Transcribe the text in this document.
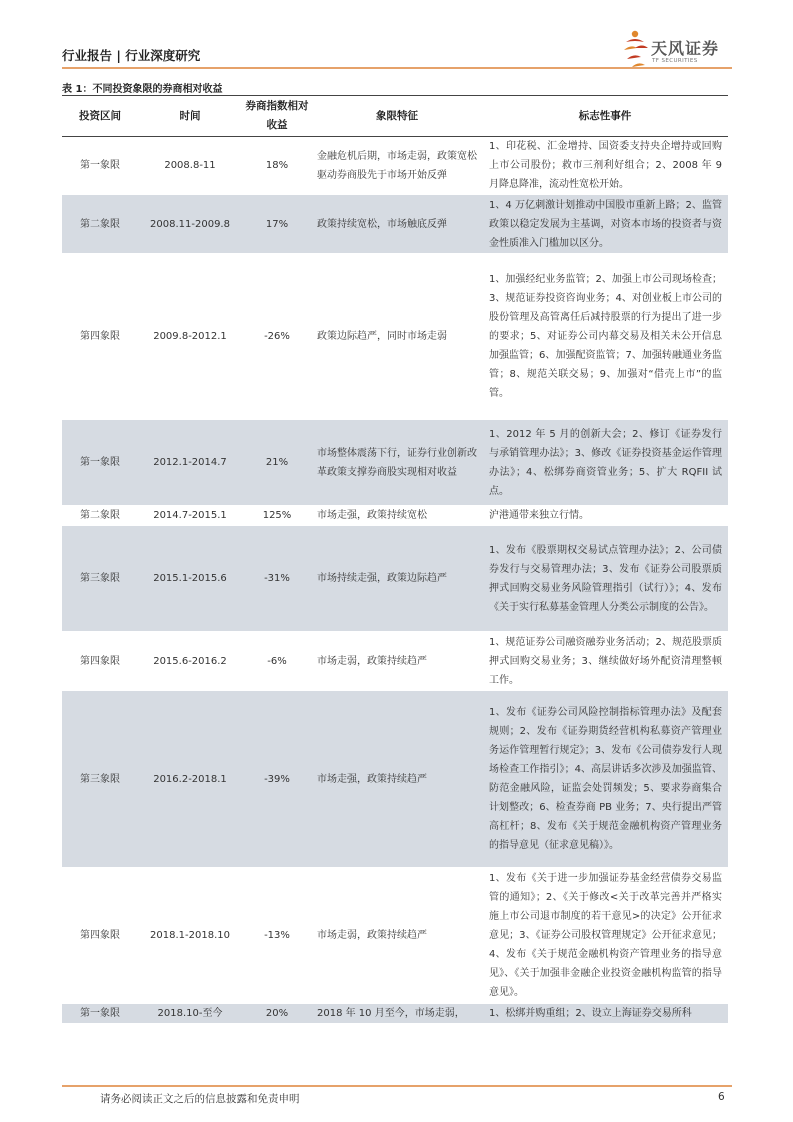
行业报告 | 行业深度研究	天风证券
TF SECURITIES
表 1：不同投资象限的券商相对收益
投资区间	时间	券商指数相对收益	象限特征	标志性事件
第一象限	2008.8-11	18%	金融危机后期，市场走弱，政策宽松驱动券商股先于市场开始反弹	1、印花税、汇金增持、国资委支持央企增持或回购上市公司股份；救市三剂利好组合；2、2008 年 9 月降息降准，流动性宽松开始。
第二象限	2008.11-2009.8	17%	政策持续宽松，市场触底反弹	1、4 万亿刺激计划推动中国股市重新上路；2、监管政策以稳定发展为主基调，对资本市场的投资者与资金性质准入门槛加以区分。
第四象限	2009.8-2012.1	-26%	政策边际趋严，同时市场走弱	1、加强经纪业务监管；2、加强上市公司现场检查；3、规范证券投资咨询业务；4、对创业板上市公司的股份管理及高管离任后减持股票的行为提出了进一步的要求；5、对证券公司内幕交易及相关未公开信息加强监管；6、加强配资监管；7、加强转融通业务监管；8、规范关联交易；9、加强对“借壳上市”的监管。
第一象限	2012.1-2014.7	21%	市场整体震荡下行，证券行业创新改革政策支撑券商股实现相对收益	1、2012 年 5 月的创新大会；2、修订《证券发行与承销管理办法》；3、修改《证券投资基金运作管理办法》；4、松绑券商资管业务；5、扩大 RQFII 试点。
第二象限	2014.7-2015.1	125%	市场走强，政策持续宽松	沪港通带来独立行情。
第三象限	2015.1-2015.6	-31%	市场持续走强，政策边际趋严	1、发布《股票期权交易试点管理办法》；2、公司债券发行与交易管理办法；3、发布《证券公司股票质押式回购交易业务风险管理指引（试行）》；4、发布《关于实行私募基金管理人分类公示制度的公告》。
第四象限	2015.6-2016.2	-6%	市场走弱，政策持续趋严	1、规范证券公司融资融券业务活动；2、规范股票质押式回购交易业务；3、继续做好场外配资清理整顿工作。
第三象限	2016.2-2018.1	-39%	市场走强，政策持续趋严	1、发布《证券公司风险控制指标管理办法》及配套规则；2、发布《证券期货经营机构私募资产管理业务运作管理暂行规定》；3、发布《公司债券发行人现场检查工作指引》；4、高层讲话多次涉及加强监管、防范金融风险，证监会处罚频发；5、要求券商集合计划整改；6、检查券商 PB 业务；7、央行提出严管高杠杆；8、发布《关于规范金融机构资产管理业务的指导意见（征求意见稿）》。
第四象限	2018.1-2018.10	-13%	市场走弱，政策持续趋严	1、发布《关于进一步加强证券基金经营债券交易监管的通知》；2、《关于修改<关于改革完善并严格实施上市公司退市制度的若干意见>的决定》公开征求意见；3、《证券公司股权管理规定》公开征求意见；4、发布《关于规范金融机构资产管理业务的指导意见》、《关于加强非金融企业投资金融机构监管的指导意见》。
第一象限	2018.10-至今	20%	2018 年 10 月至今，市场走弱，	1、松绑并购重组；2、设立上海证券交易所科
请务必阅读正文之后的信息披露和免责申明	6
